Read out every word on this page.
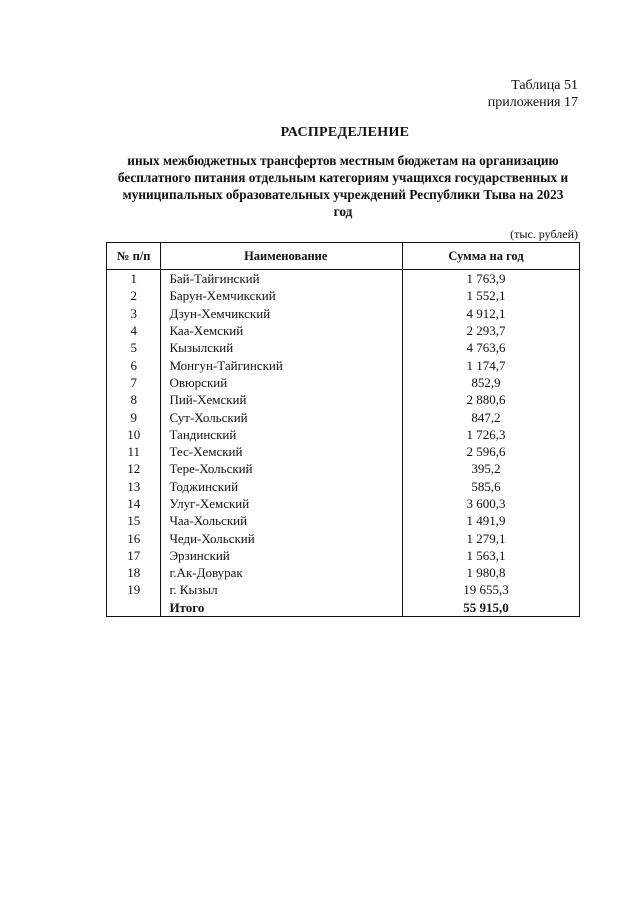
Таблица 51
приложения 17
РАСПРЕДЕЛЕНИЕ
иных межбюджетных трансфертов местным бюджетам на организацию
бесплатного питания отдельным категориям учащихся государственных и
муниципальных образовательных учреждений Республики Тыва на 2023
год
(тыс. рублей)
№ п/п	Наименование	Сумма на год
1	Бай-Тайгинский	1 763,9
2	Барун-Хемчикский	1 552,1
3	Дзун-Хемчикский	4 912,1
4	Каа-Хемский	2 293,7
5	Кызылский	4 763,6
6	Монгун-Тайгинский	1 174,7
7	Овюрский	852,9
8	Пий-Хемский	2 880,6
9	Сут-Хольский	847,2
10	Тандинский	1 726,3
11	Тес-Хемский	2 596,6
12	Тере-Хольский	395,2
13	Тоджинский	585,6
14	Улуг-Хемский	3 600,3
15	Чаа-Хольский	1 491,9
16	Чеди-Хольский	1 279,1
17	Эрзинский	1 563,1
18	г.Ак-Довурак	1 980,8
19	г. Кызыл	19 655,3
	Итого	55 915,0
